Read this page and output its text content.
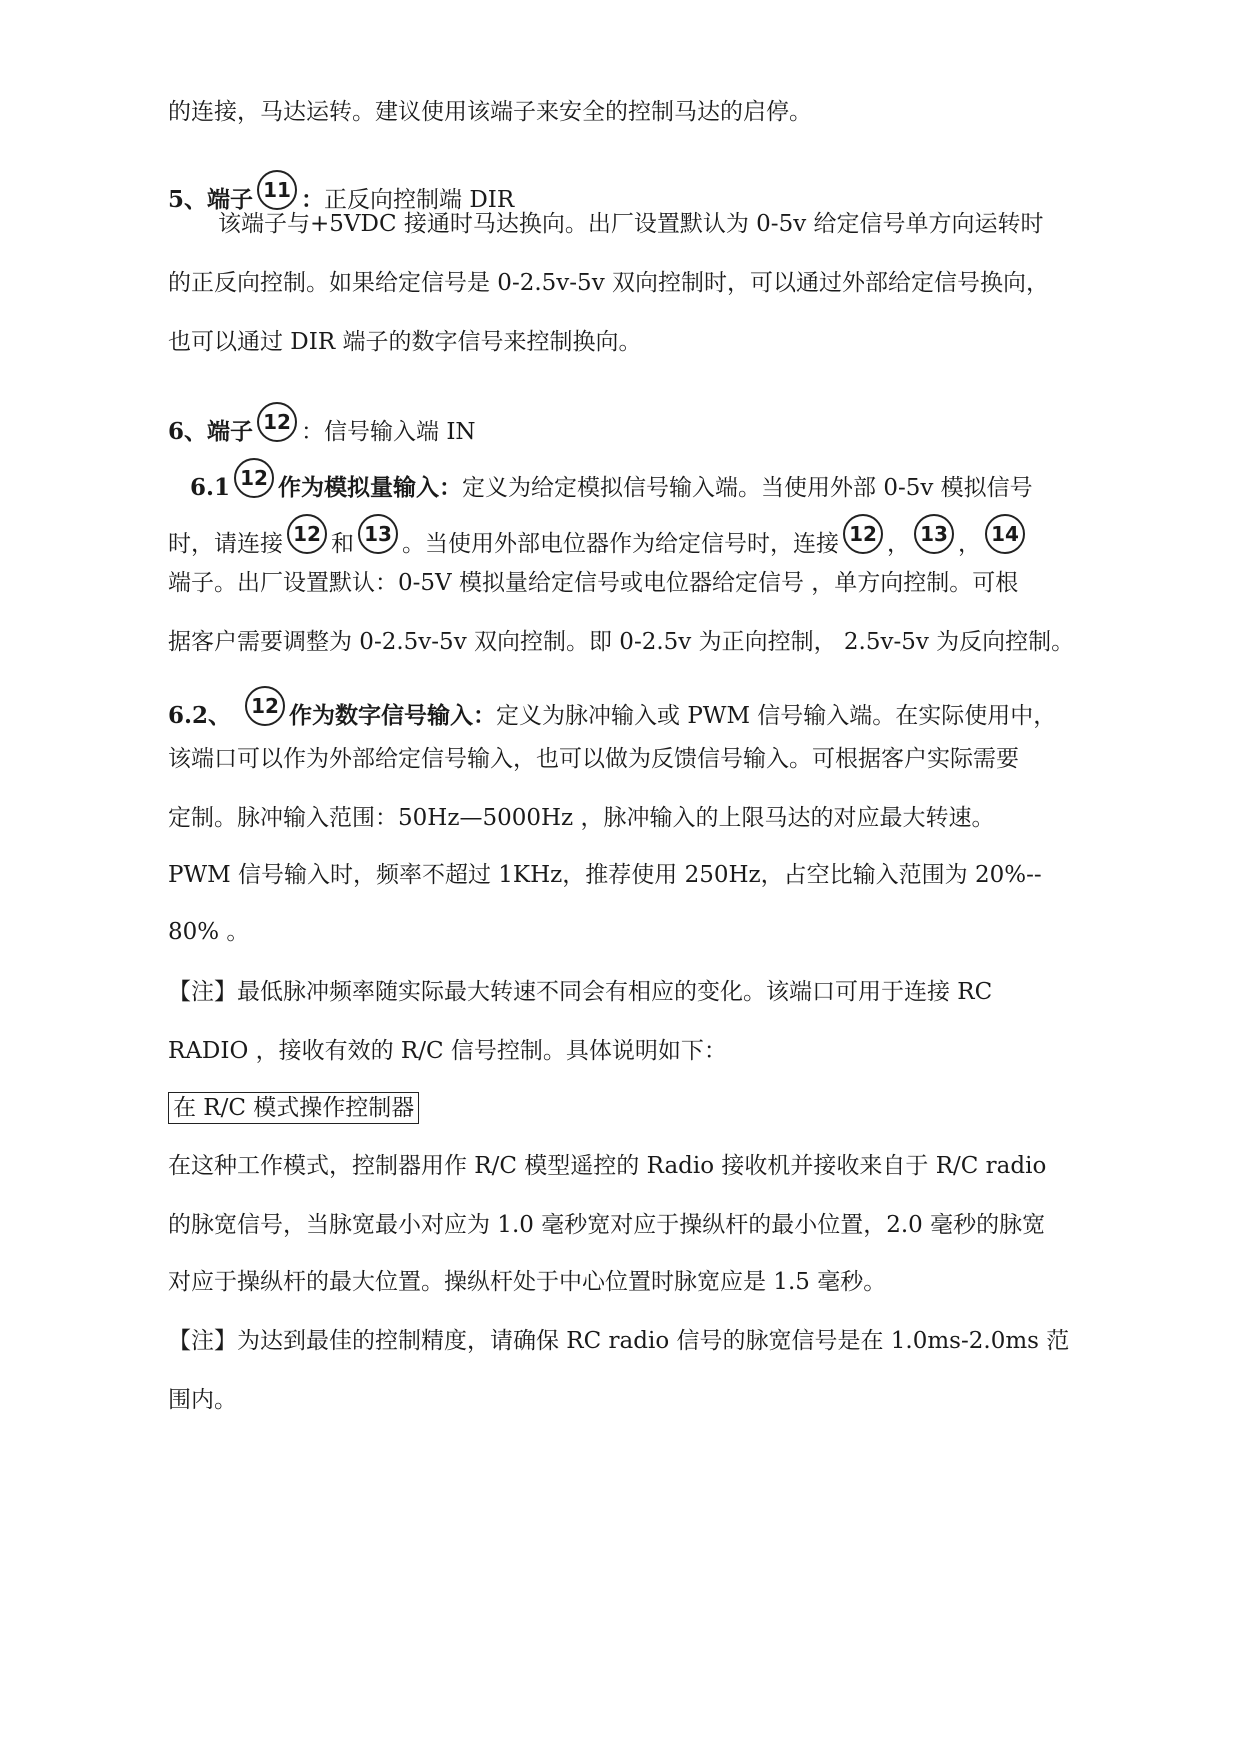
的连接，马达运转。建议使用该端子来安全的控制马达的启停。
5、端子 11 ：正反向控制端 DIR
该端子与+5VDC 接通时马达换向。出厂设置默认为 0-5v 给定信号单方向运转时
的正反向控制。如果给定信号是 0-2.5v-5v 双向控制时，可以通过外部给定信号换向，
也可以通过 DIR 端子的数字信号来控制换向。
6、端子 12 ：信号输入端 IN
6.1 12 作为模拟量输入：定义为给定模拟信号输入端。当使用外部 0-5v 模拟信号
时，请连接 12 和 13 。当使用外部电位器作为给定信号时，连接 12 ， 13 ， 14
端子。出厂设置默认：0-5V 模拟量给定信号或电位器给定信号 ，单方向控制。可根
据客户需要调整为 0-2.5v-5v 双向控制。即 0-2.5v 为正向控制， 2.5v-5v 为反向控制。
6.2、 12 作为数字信号输入：定义为脉冲输入或 PWM 信号输入端。在实际使用中，
该端口可以作为外部给定信号输入，也可以做为反馈信号输入。可根据客户实际需要
定制。脉冲输入范围：50Hz—5000Hz ，脉冲输入的上限马达的对应最大转速。
PWM 信号输入时，频率不超过 1KHz，推荐使用 250Hz，占空比输入范围为 20%--
80% 。
【注】最低脉冲频率随实际最大转速不同会有相应的变化。该端口可用于连接 RC
RADIO ，接收有效的 R/C 信号控制。具体说明如下：
在 R/C 模式操作控制器
在这种工作模式，控制器用作 R/C 模型遥控的 Radio 接收机并接收来自于 R/C radio
的脉宽信号，当脉宽最小对应为 1.0 毫秒宽对应于操纵杆的最小位置，2.0 毫秒的脉宽
对应于操纵杆的最大位置。操纵杆处于中心位置时脉宽应是 1.5 毫秒。
【注】为达到最佳的控制精度，请确保 RC radio 信号的脉宽信号是在 1.0ms-2.0ms 范
围内。
